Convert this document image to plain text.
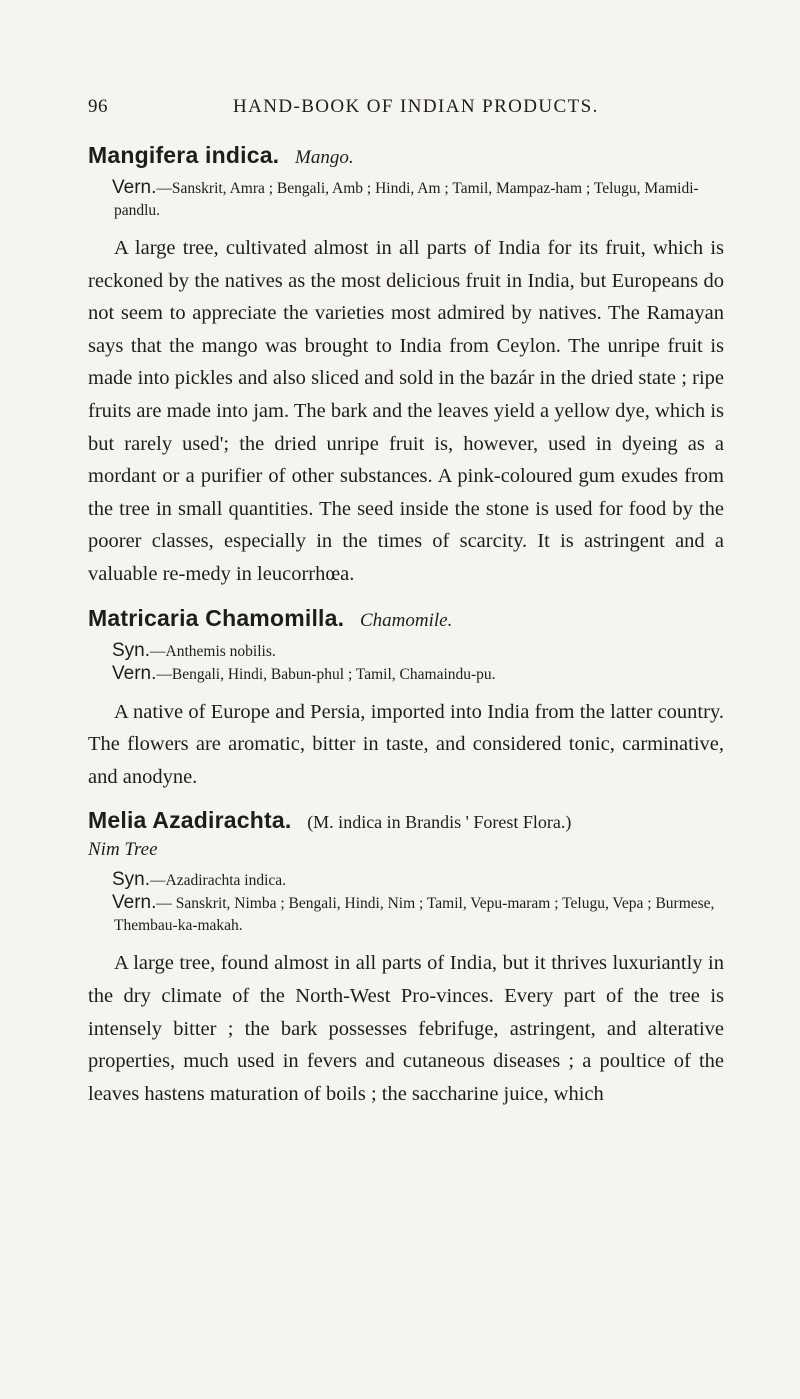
96	HAND-BOOK OF INDIAN PRODUCTS.
Mangifera indica. Mango.
Vern.—Sanskrit, Amra ; Bengali, Amb ; Hindi, Am ; Tamil, Mampaz-ham ; Telugu, Mamidi-pandlu.

A large tree, cultivated almost in all parts of India for its fruit, which is reckoned by the natives as the most delicious fruit in India, but Europeans do not seem to appreciate the varieties most admired by natives. The Ramayan says that the mango was brought to India from Ceylon. The unripe fruit is made into pickles and also sliced and sold in the bazár in the dried state ; ripe fruits are made into jam. The bark and the leaves yield a yellow dye, which is but rarely used'; the dried unripe fruit is, however, used in dyeing as a mordant or a purifier of other substances. A pink-coloured gum exudes from the tree in small quantities. The seed inside the stone is used for food by the poorer classes, especially in the times of scarcity. It is astringent and a valuable re-medy in leucorrhœa.

Matricaria Chamomilla. Chamomile.
Syn.—Anthemis nobilis.
Vern.—Bengali, Hindi, Babun-phul ; Tamil, Chamaindu-pu.

A native of Europe and Persia, imported into India from the latter country. The flowers are aromatic, bitter in taste, and considered tonic, carminative, and anodyne.

Melia Azadirachta. (M. indica in Brandis ' Forest Flora.)
Nim Tree
Syn.—Azadirachta indica.
Vern.— Sanskrit, Nimba ; Bengali, Hindi, Nim ; Tamil, Vepu-maram ; Telugu, Vepa ; Burmese, Thembau-ka-makah.

A large tree, found almost in all parts of India, but it thrives luxuriantly in the dry climate of the North-West Pro-vinces. Every part of the tree is intensely bitter ; the bark possesses febrifuge, astringent, and alterative properties, much used in fevers and cutaneous diseases ; a poultice of the leaves hastens maturation of boils ; the saccharine juice, which
